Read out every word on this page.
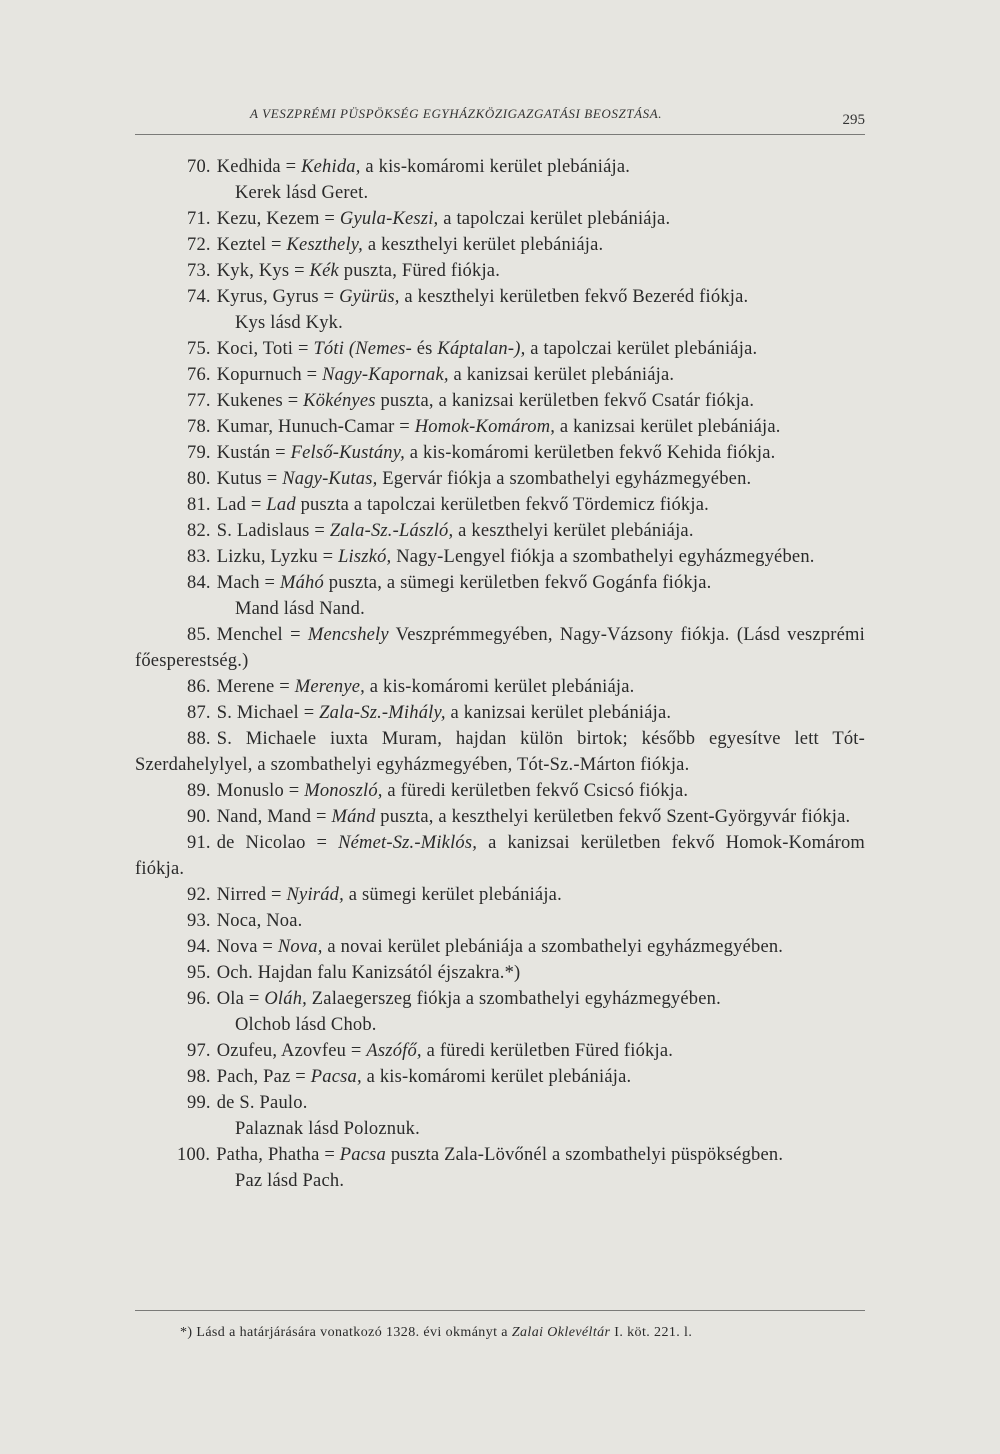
A VESZPRÉMI PÜSPÖKSÉG EGYHÁZKÖZIGAZGATÁSI BEOSZTÁSA.	295
70. Kedhida = Kehida, a kis-komáromi kerület plebániája.
Kerek lásd Geret.
71. Kezu, Kezem = Gyula-Keszi, a tapolczai kerület plebániája.
72. Keztel = Keszthely, a keszthelyi kerület plebániája.
73. Kyk, Kys = Kék puszta, Füred fiókja.
74. Kyrus, Gyrus = Gyürüs, a keszthelyi kerületben fekvő Bezeréd fiókja.
Kys lásd Kyk.
75. Koci, Toti = Tóti (Nemes- és Káptalan-), a tapolczai kerület plebániája.
76. Kopurnuch = Nagy-Kapornak, a kanizsai kerület plebániája.
77. Kukenes = Kökényes puszta, a kanizsai kerületben fekvő Csatár fiókja.
78. Kumar, Hunuch-Camar = Homok-Komárom, a kanizsai kerület plebániája.
79. Kustán = Felső-Kustány, a kis-komáromi kerületben fekvő Kehida fiókja.
80. Kutus = Nagy-Kutas, Egervár fiókja a szombathelyi egyházmegyében.
81. Lad = Lad puszta a tapolczai kerületben fekvő Tördemicz fiókja.
82. S. Ladislaus = Zala-Sz.-László, a keszthelyi kerület plebániája.
83. Lizku, Lyzku = Liszkó, Nagy-Lengyel fiókja a szombathelyi egyházmegyében.
84. Mach = Máhó puszta, a sümegi kerületben fekvő Gogánfa fiókja.
Mand lásd Nand.
85. Menchel = Mencshely Veszprémmegyében, Nagy-Vázsony fiókja. (Lásd veszprémi főesperestség.)
86. Merene = Merenye, a kis-komáromi kerület plebániája.
87. S. Michael = Zala-Sz.-Mihály, a kanizsai kerület plebániája.
88. S. Michaele iuxta Muram, hajdan külön birtok; később egyesítve lett Tót-Szerdahelylyel, a szombathelyi egyházmegyében, Tót-Sz.-Márton fiókja.
89. Monuslo = Monoszló, a füredi kerületben fekvő Csicsó fiókja.
90. Nand, Mand = Mánd puszta, a keszthelyi kerületben fekvő Szent-Györgyvár fiókja.
91. de Nicolao = Német-Sz.-Miklós, a kanizsai kerületben fekvő Homok-Komárom fiókja.
92. Nirred = Nyirád, a sümegi kerület plebániája.
93. Noca, Noa.
94. Nova = Nova, a novai kerület plebániája a szombathelyi egyházmegyében.
95. Och. Hajdan falu Kanizsától éjszakra.*)
96. Ola = Oláh, Zalaegerszeg fiókja a szombathelyi egyházmegyében.
Olchob lásd Chob.
97. Ozufeu, Azovfeu = Aszófő, a füredi kerületben Füred fiókja.
98. Pach, Paz = Pacsa, a kis-komáromi kerület plebániája.
99. de S. Paulo.
Palaznak lásd Poloznuk.
100. Patha, Phatha = Pacsa puszta Zala-Lövőnél a szombathelyi püspökségben.
Paz lásd Pach.
*) Lásd a határjárására vonatkozó 1328. évi okmányt a Zalai Oklevéltár I. köt. 221. l.
